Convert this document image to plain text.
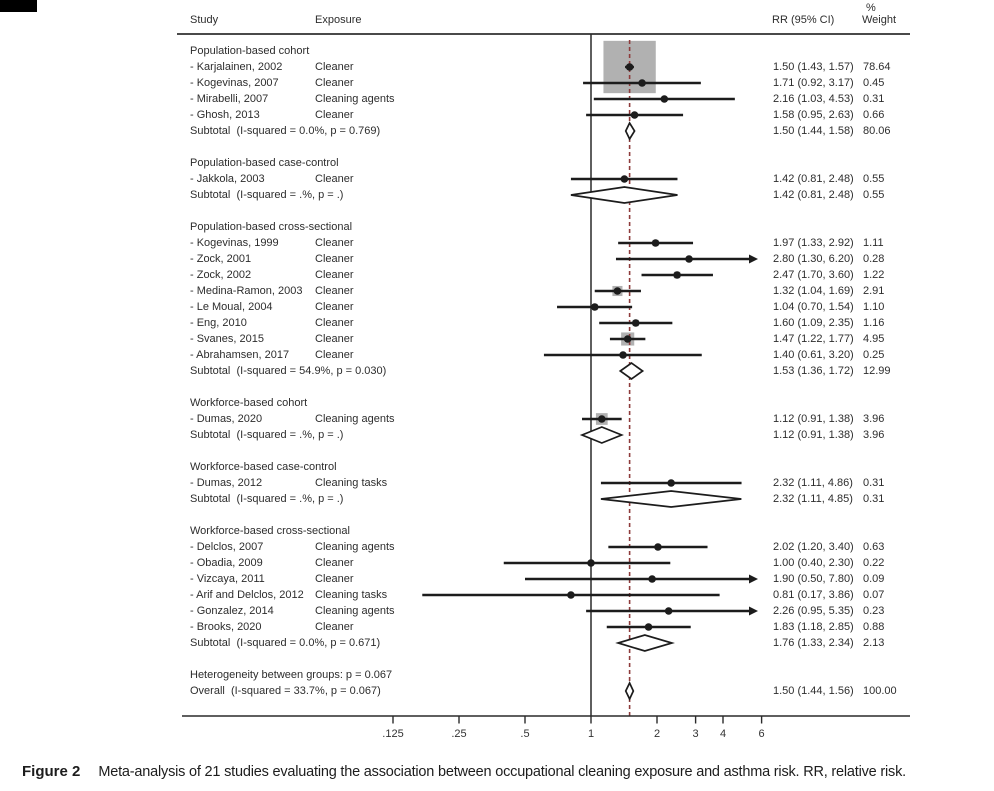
Study	Exposure
%
RR (95% CI)	Weight
Population-based cohort
- Karjalainen, 2002	Cleaner	1.50 (1.43, 1.57) 78.64
- Kogevinas, 2007	Cleaner	1.71 (0.92, 3.17) 0.45
- Mirabelli, 2007	Cleaning agents	2.16 (1.03, 4.53) 0.31
- Ghosh, 2013	Cleaner	1.58 (0.95, 2.63) 0.66
Subtotal  (I-squared = 0.0%, p = 0.769)	1.50 (1.44, 1.58) 80.06
Population-based case-control
- Jakkola, 2003	Cleaner	1.42 (0.81, 2.48) 0.55
Subtotal  (I-squared = .%, p = .)	1.42 (0.81, 2.48) 0.55
Population-based cross-sectional
- Kogevinas, 1999	Cleaner	1.97 (1.33, 2.92) 1.11
- Zock, 2001	Cleaner	2.80 (1.30, 6.20) 0.28
- Zock, 2002	Cleaner	2.47 (1.70, 3.60) 1.22
- Medina-Ramon, 2003 Cleaner	1.32 (1.04, 1.69) 2.91
- Le Moual, 2004	Cleaner	1.04 (0.70, 1.54) 1.10
- Eng, 2010	Cleaner	1.60 (1.09, 2.35) 1.16
- Svanes, 2015	Cleaner	1.47 (1.22, 1.77) 4.95
- Abrahamsen, 2017 Cleaner	1.40 (0.61, 3.20) 0.25
Subtotal  (I-squared = 54.9%, p = 0.030)	1.53 (1.36, 1.72) 12.99
Workforce-based cohort
- Dumas, 2020	Cleaning agents	1.12 (0.91, 1.38) 3.96
Subtotal  (I-squared = .%, p = .)	1.12 (0.91, 1.38) 3.96
Workforce-based case-control
- Dumas, 2012	Cleaning tasks	2.32 (1.11, 4.86) 0.31
Subtotal  (I-squared = .%, p = .)	2.32 (1.11, 4.85) 0.31
Workforce-based cross-sectional
- Delclos, 2007	Cleaning agents	2.02 (1.20, 3.40) 0.63
- Obadia, 2009	Cleaner	1.00 (0.40, 2.30) 0.22
- Vizcaya, 2011	Cleaner	1.90 (0.50, 7.80) 0.09
- Arif and Delclos, 2012 Cleaning tasks	0.81 (0.17, 3.86) 0.07
- Gonzalez, 2014	Cleaning agents	2.26 (0.95, 5.35) 0.23
- Brooks, 2020	Cleaner	1.83 (1.18, 2.85) 0.88
Subtotal  (I-squared = 0.0%, p = 0.671)	1.76 (1.33, 2.34) 2.13
Heterogeneity between groups: p = 0.067
Overall  (I-squared = 33.7%, p = 0.067)	1.50 (1.44, 1.56) 100.00
.125	.25	.5	1	2	3	4	6
Figure 2 Meta-analysis of 21 studies evaluating the association between occupational cleaning exposure and asthma risk. RR, relative risk.
